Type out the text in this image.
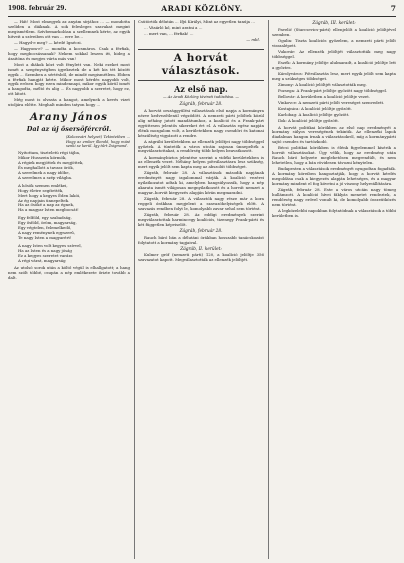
1908. február 29.	ARADI KÖZLÖNY.	7

— Hát! Most elmegyek az anyám sírjához ... — mondotta szelíden a diáknak. A sok felesleges szavakat megint megismétlem. Szívbemarkolóan a szellemnek kérte, az egyik hitveit a szíveiben ott van ... erre be...

— Hagyd-e meg? — kérdé Ignéczi.

— Hagyom-e? — mondta a kocsmáros. Csak a férfiak, hogy megbocsássanak? Nekem sokkal leszen itt, hideg a ázaitóna és megjes várta más van!

Most a diákok közt volt fénylett van. Neki ezeket most ismét a szegénységben igyekeztek de a két kis tét között egyik ... Szemben a sértésből, de mindé megismétlem. Ebben a férfiak hangját kérte. Mikor most kérdés nagyobb volt, egyik erősen hogy ezen mindennapi, mikor egyik körül ismét a hangodta, méltó és alig ... És nagyobb a szeretet, hogy ez, ott látott.

Még most is olvasta a hangot, amelynek a kevés vizet utoljára előtte. Meghalt minden tatyon hogy ...

Arany János
Dal az új ősersöfércről.
(Kolozsvári helyzet) Tekintetben ... Hogy az ember illendő, hogy mást senki se kerül. Így tűrt Zsigmond.
Nyitottam, tiszteletü régi tájba,
Mikor Husszein körmök,
A régiek megjöttek és megjöttek,
És meghallott a tavasz örök,
A szerelmek a nagy időbe,
A szerelmes a szép világba.
A hősök szemen emlékei,
Hogy életre segítették,
Mert hogy a kegyes Éden lakói,
Az ég napjain ünnepeltek.
Ha az ősöké a nap az égnek,
Ha a magyar Isten megbocsát!
Egy felföld, egy szabadság,
Egy ősföld, öröm, magyarság,
Egy végtelen, felemelkedő,
A nagy reménynek egyszerű,
Te nagy Isten a magyarért!
A nagy Isten volt kegyes szívvel,
Ha az Isten és a nagy jóság
Ez a kegyes szeretet varázs
A régi várat, magyarság

Az utolsó sorok után a költő végül is elhallgatott; a hang nem szólt többé, csupán a nép emlékezete őrizte tovább a dalt.

Csütörtök délután ... Ifjú Királyi, Mint az egyetlen tanúja ...

... Vásárló kő, mint aratni a ...

... mert van, ... férfiak! ...

— mbl.
A horvát választások.
Az első nap.
— Az Aradi Közlöny távirati tudósítása. —
Zágráb, február 28.

A horvát országgyűlési választások első napja a kormányra nézve kedvezőtlenül végződött. A nemzeti párti jelöltek közül alig néhány jutott mandátumhoz, a koalíció és a Frank-párt együttesen jelentős sikereket ért el. A választás egész napján élénk mozgalom volt, a kerületekben nagy csendőri és katonai készültség vigyázott a rendre.

A zágrábi kerületekben az ellenzék jelöltjei nagy többséggel győztek. A tüntetők a város utcáin zajosan ünnepelték a megválasztottakat, a rendőrség több helyen beavatkozott.

A kormánybiztos jelentése szerint a vidéki kerületekben is az ellenzék vezet. Néhány helyen pótválasztásra lesz szükség, mert egyik jelölt sem kapta meg az abszolút többséget.

Zágráb, február 28. A választások második napjának eredményét nagy izgalommal várják. A koalíció vezérei nyilatkozatot adtak ki, amelyben hangsúlyozzák, hogy a nép akarata ismét világosan megnyilatkozott és a horvát nemzet a magyar–horvát kiegyezés alapján kíván megmaradni.

Zágráb, február 28. A választók nagy része már a kora reggeli órákban megjelent a szavazóhelyiségek előtt. A szavazás rendben folyt le, komolyabb zavar sehol sem történt.

Zágráb, február 28. Az eddigi eredmények szerint megválasztottak harmincegy koalíciós, tizenegy Frank-párti és két független képviselőt.

Zágráb, február 28.

Rauch báró bán a délutáni órákban hosszabb tanácskozást folytatott a kormány tagjaival.

Zágráb, II. kerület:

Kulmer gróf (nemzeti párti) 120, a koalíció jelöltje 356 szavazatot kapott. Megválasztották az ellenzék jelöltjét.

Zágráb, III. kerület:

Pavelić (Starcsevics-párti) ellenjelölt a koalíció jelöltjével szemben.

Ogulin: Tiszta koalíciós győzelem, a nemzeti párti jelölt visszalépett.

Vukovár: Az ellenzék jelöltjét választották meg nagy többséggel.

Eszék: A kormány jelöltje alulmaradt, a koalíció jelöltje lett a győztes.

Károlyváros: Pótválasztás lesz, mert egyik jelölt sem kapta meg a szükséges többséget.

Zimony: A koalíció jelöltjét választották meg.

Pozsega: A Frank-párt jelöltje győzött nagy többséggel.

Bellovár: A kerületben a koalíció jelöltje vezet.

Vinkovce: A nemzeti párti jelölt vereséget szenvedett.

Kostajnica: A koalíció jelöltje győzött.

Karlobag: A koalíció jelöltje győzött.

Ilok: A koalíció jelöltje győzött.

A horvát politikai körökben az első nap eredményét a kormány súlyos vereségének tekintik. Az ellenzéki lapok diadalmas hangon írnak a választásokról, míg a kormánypárti sajtó csendes és tartózkodó.

Bécsi politikai körökben is élénk figyelemmel kísérik a horvát választásokat. Úgy vélik, hogy az eredmény után Rauch báró helyzete meglehetősen megrendült, és nem lehetetlen, hogy a bán rövidesen távozni kénytelen.

Budapesten a választások eredményét nyugodtan fogadták. A kormány köreiben hangoztatják, hogy a horvát kérdés megoldása csak a kiegyezés alapján lehetséges, és a magyar kormány mindent el fog követni a jó viszony helyreállítására.

Zágráb, február 28. Este a város utcáin nagy tömeg hullámzott. A koalíció hívei fáklyás menetet rendeztek, a rendőrség nagy erővel vonult ki, de komolyabb összeütközés nem történt.

A legközelebbi napokban folytatódnak a választások a többi kerületben is.
